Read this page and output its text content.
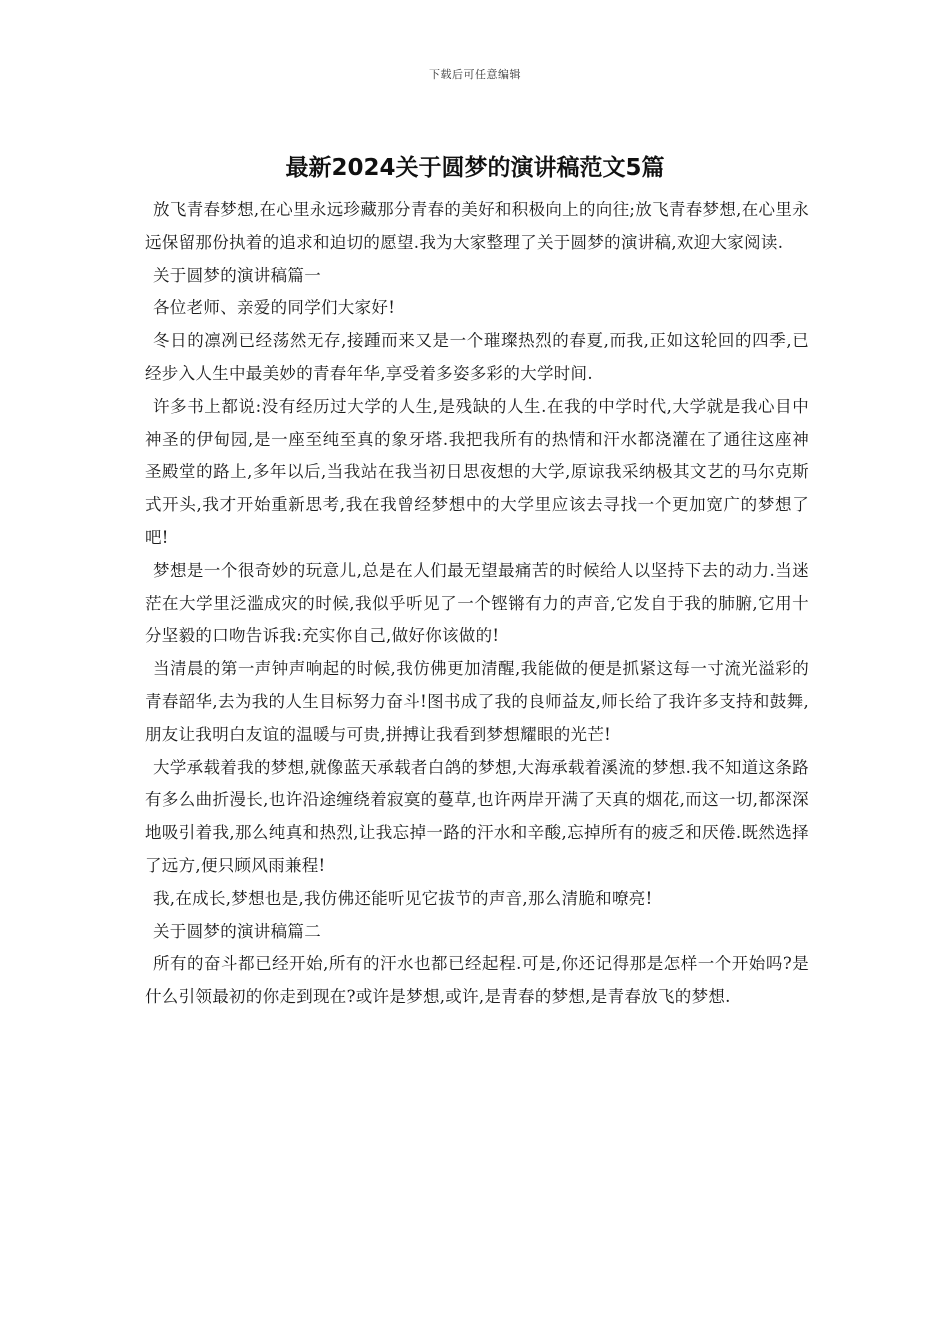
下载后可任意编辑
最新2024关于圆梦的演讲稿范文5篇

放飞青春梦想,在心里永远珍藏那分青春的美好和积极向上的向往;放飞青春梦想,在心里永远保留那份执着的追求和迫切的愿望.我为大家整理了关于圆梦的演讲稿,欢迎大家阅读.

关于圆梦的演讲稿篇一

各位老师、亲爱的同学们大家好!

冬日的凛冽已经荡然无存,接踵而来又是一个璀璨热烈的春夏,而我,正如这轮回的四季,已经步入人生中最美妙的青春年华,享受着多姿多彩的大学时间.

许多书上都说:没有经历过大学的人生,是残缺的人生.在我的中学时代,大学就是我心目中神圣的伊甸园,是一座至纯至真的象牙塔.我把我所有的热情和汗水都浇灌在了通往这座神圣殿堂的路上,多年以后,当我站在我当初日思夜想的大学,原谅我采纳极其文艺的马尔克斯式开头,我才开始重新思考,我在我曾经梦想中的大学里应该去寻找一个更加宽广的梦想了吧!

梦想是一个很奇妙的玩意儿,总是在人们最无望最痛苦的时候给人以坚持下去的动力.当迷茫在大学里泛滥成灾的时候,我似乎听见了一个铿锵有力的声音,它发自于我的肺腑,它用十分坚毅的口吻告诉我:充实你自己,做好你该做的!

当清晨的第一声钟声响起的时候,我仿佛更加清醒,我能做的便是抓紧这每一寸流光溢彩的青春韶华,去为我的人生目标努力奋斗!图书成了我的良师益友,师长给了我许多支持和鼓舞,朋友让我明白友谊的温暖与可贵,拼搏让我看到梦想耀眼的光芒!

大学承载着我的梦想,就像蓝天承载者白鸽的梦想,大海承载着溪流的梦想.我不知道这条路有多么曲折漫长,也许沿途缠绕着寂寞的蔓草,也许两岸开满了天真的烟花,而这一切,都深深地吸引着我,那么纯真和热烈,让我忘掉一路的汗水和辛酸,忘掉所有的疲乏和厌倦.既然选择了远方,便只顾风雨兼程!

我,在成长,梦想也是,我仿佛还能听见它拔节的声音,那么清脆和嘹亮!

关于圆梦的演讲稿篇二

所有的奋斗都已经开始,所有的汗水也都已经起程.可是,你还记得那是怎样一个开始吗?是什么引领最初的你走到现在?或许是梦想,或许,是青春的梦想,是青春放飞的梦想.
